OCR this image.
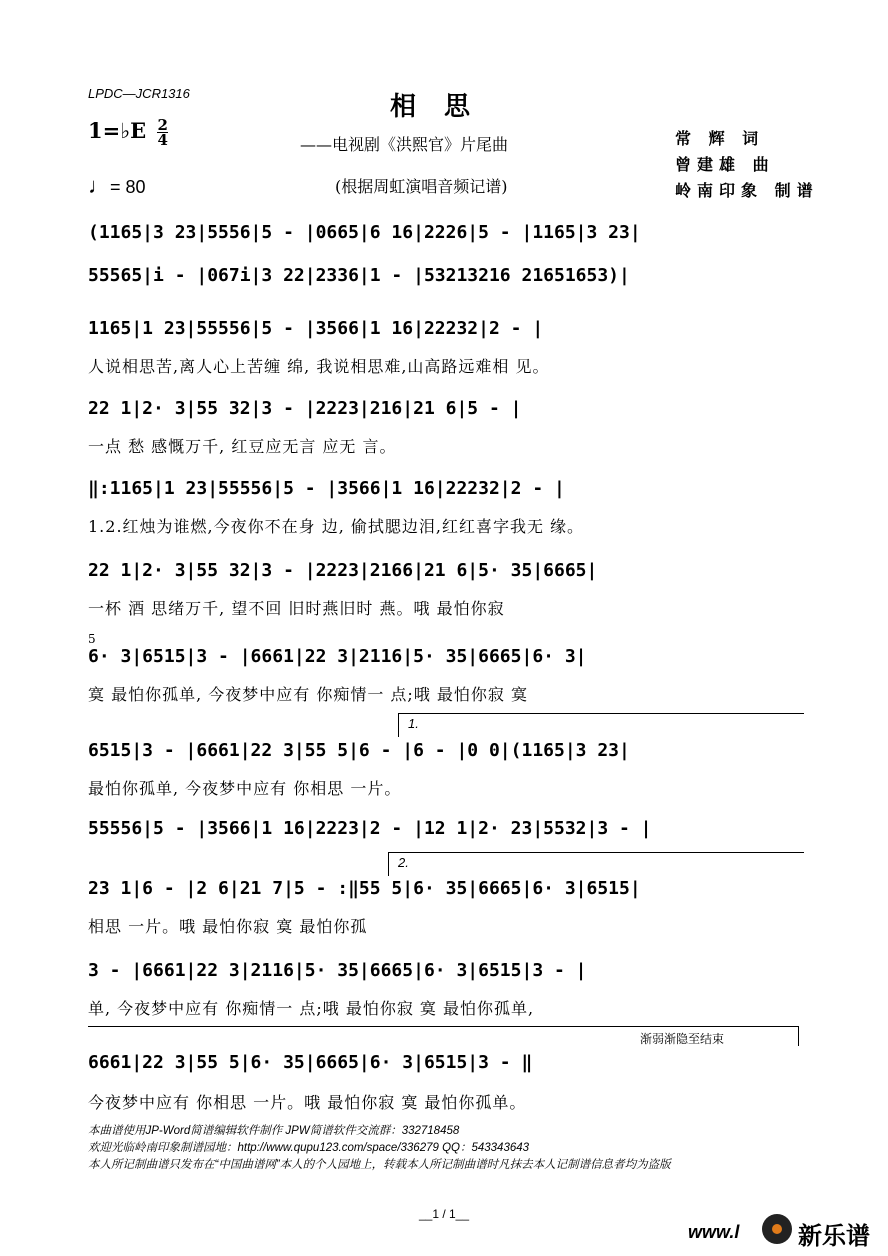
LPDC—JCR1316	相思
——电视剧《洪熙官》片尾曲
(根据周虹演唱音频记谱)
1=♭E $\frac{2}{4}$
♩= 80
常 辉 词
曾建雄 曲
岭南印象 制谱
(1165|3 23|5556|5 - |0665|6 16|2226|5 - |1165|3 23|
55565|i - |067i|3 22|2336|1 - |53213216 21651653)|
1165|1 23|55556|5 - |3566|1 16|22232|2 - |
人说相思苦,离人心上苦缠 绵, 我说相思难,山高路远难相 见。
22 1|2· 3|55 32|3 - |2223|216|21 6|5 - |
一点 愁 感慨万千, 红豆应无言 应无 言。
‖:1165|1 23|55556|5 - |3566|1 16|22232|2 - |
1.2.红烛为谁燃,今夜你不在身 边, 偷拭腮边泪,红红喜字我无 缘。
22 1|2· 3|55 32|3 - |2223|2166|21 6|5· 35|6665|
一杯 酒 思绪万千, 望不回 旧时燕旧时 燕。哦 最怕你寂
5
6· 3|6515|3 - |6661|22 3|2116|5· 35|6665|6· 3|
寞 最怕你孤单, 今夜梦中应有 你痴情一 点;哦 最怕你寂 寞
1.
6515|3 - |6661|22 3|55 5|6 - |6 - |0 0|(1165|3 23|
最怕你孤单, 今夜梦中应有 你相思 一片。
55556|5 - |3566|1 16|2223|2 - |12 1|2· 23|5532|3 - |
2.
23 1|6 - |2 6|21 7|5 - :‖55 5|6· 35|6665|6· 3|6515|
相思 一片。哦 最怕你寂 寞 最怕你孤
3 - |6661|22 3|2116|5· 35|6665|6· 3|6515|3 - |
单, 今夜梦中应有 你痴情一 点;哦 最怕你寂 寞 最怕你孤单,
渐弱渐隐至结束
6661|22 3|55 5|6· 35|6665|6· 3|6515|3 - ‖
今夜梦中应有 你相思 一片。哦 最怕你寂 寞 最怕你孤单。
本曲谱使用JP-Word简谱编辑软件制作 JPW简谱软件交流群：332718458
欢迎光临岭南印象制谱园地：http://www.qupu123.com/space/336279 QQ：543343643
本人所记制曲谱只发布在“中国曲谱网”本人的个人园地上，转载本人所记制曲谱时凡抹去本人记制谱信息者均为盗版
__1 / 1__
www.l 新乐谱
